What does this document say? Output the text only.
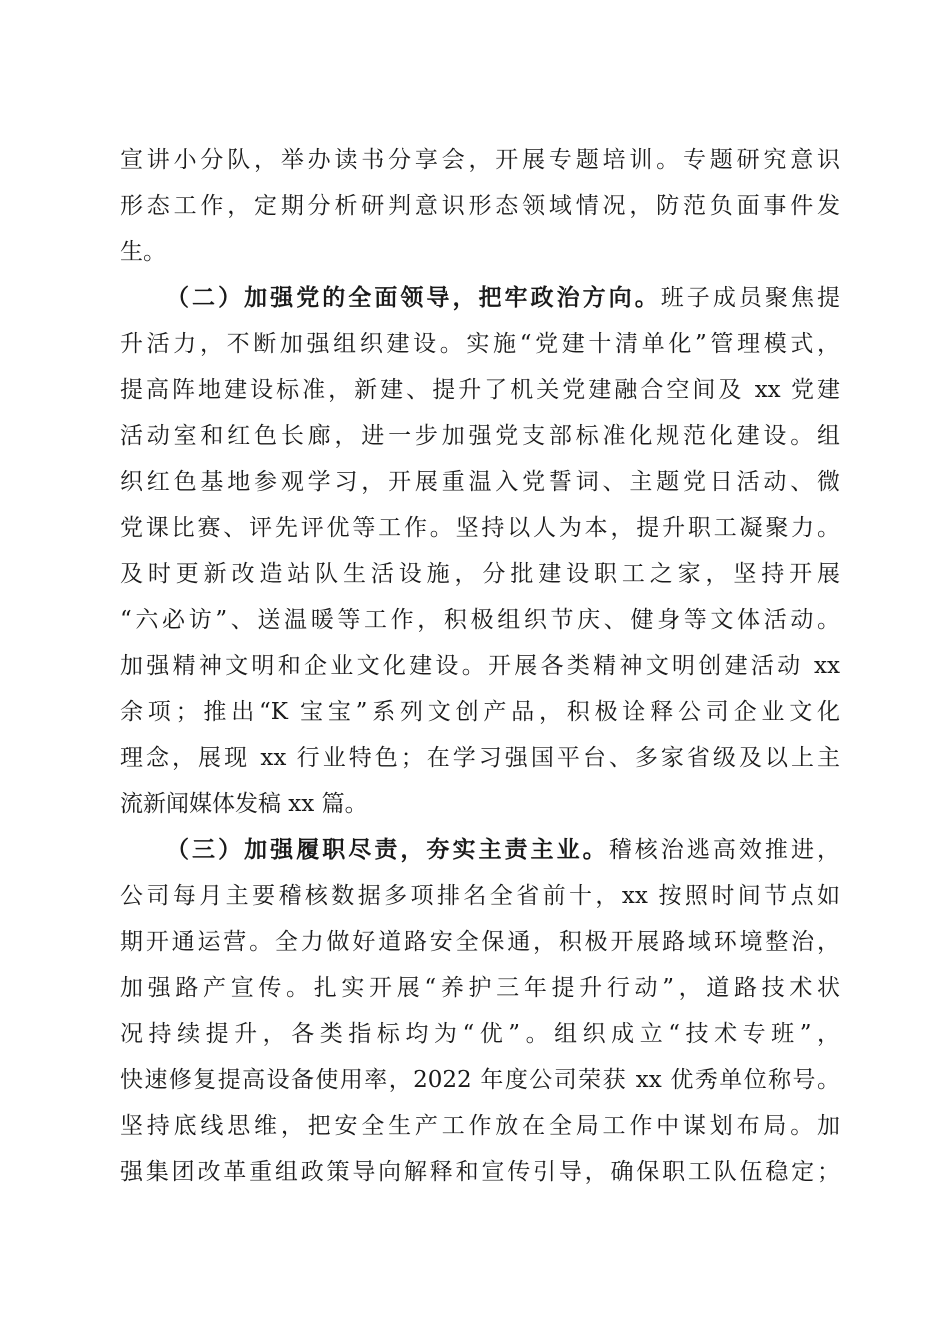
宣讲小分队，举办读书分享会，开展专题培训。专题研究意识
形态工作，定期分析研判意识形态领域情况，防范负面事件发
生。
（二）加强党的全面领导，把牢政治方向。班子成员聚焦提
升活力，不断加强组织建设。实施“党建十清单化”管理模式，
提高阵地建设标准，新建、提升了机关党建融合空间及 xx 党建
活动室和红色长廊，进一步加强党支部标准化规范化建设。组
织红色基地参观学习，开展重温入党誓词、主题党日活动、微
党课比赛、评先评优等工作。坚持以人为本，提升职工凝聚力。
及时更新改造站队生活设施，分批建设职工之家，坚持开展
“六必访”、送温暖等工作，积极组织节庆、健身等文体活动。
加强精神文明和企业文化建设。开展各类精神文明创建活动 xx
余项；推出“K 宝宝”系列文创产品，积极诠释公司企业文化
理念，展现 xx 行业特色；在学习强国平台、多家省级及以上主
流新闻媒体发稿 xx 篇。
（三）加强履职尽责，夯实主责主业。稽核治逃高效推进，
公司每月主要稽核数据多项排名全省前十，xx 按照时间节点如
期开通运营。全力做好道路安全保通，积极开展路域环境整治，
加强路产宣传。扎实开展“养护三年提升行动”，道路技术状
况持续提升，各类指标均为“优”。组织成立“技术专班”，
快速修复提高设备使用率，2022 年度公司荣获 xx 优秀单位称号。
坚持底线思维，把安全生产工作放在全局工作中谋划布局。加
强集团改革重组政策导向解释和宣传引导，确保职工队伍稳定；
